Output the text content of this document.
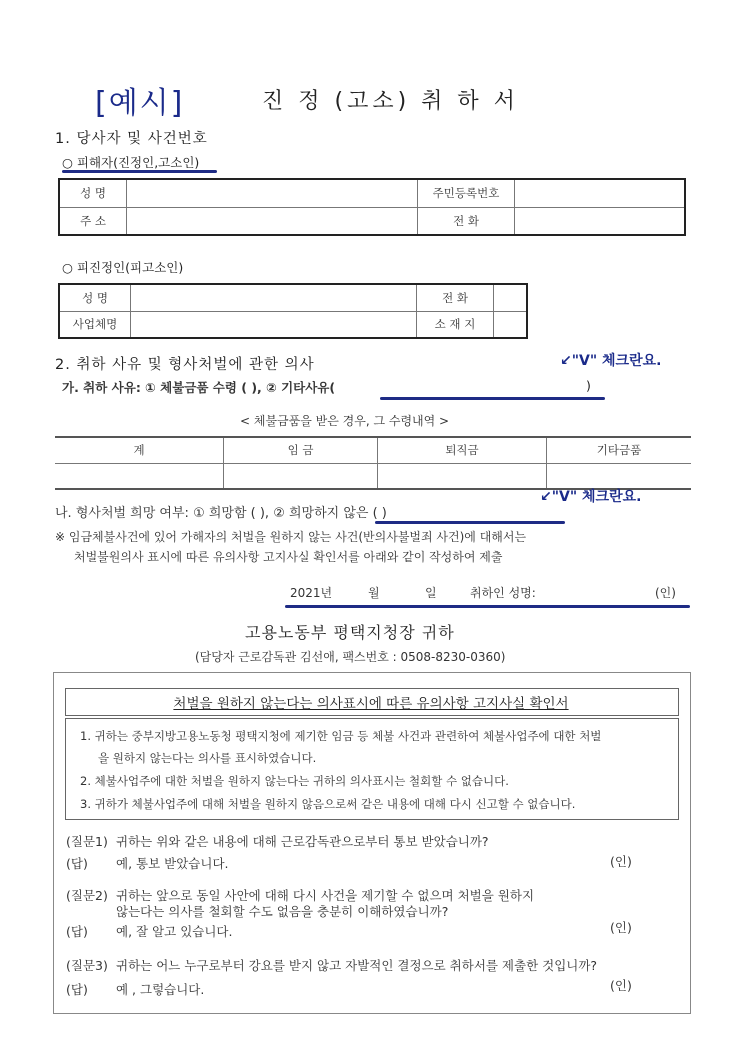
[예시]	진 정 (고소) 취 하 서
1. 당사자 및 사건번호
○ 피해자(진정인,고소인)
성 명		주민등록번호	
주 소		전 화	
○ 피진정인(피고소인)
성 명		전 화	
사업체명		소 재 지	
2. 취하 사유 및 형사처벌에 관한 의사
가. 취하 사유: ① 체불금품 수령 ( ), ② 기타사유(	)
↙"V" 체크란요.
< 체불금품을 받은 경우, 그 수령내역 >
계	임 금	퇴직금	기타금품

나. 형사처벌 희망 여부: ① 희망함 ( ), ② 희망하지 않은 ( )
↙"V" 체크란요.
※ 임금체불사건에 있어 가해자의 처벌을 원하지 않는 사건(반의사불벌죄 사건)에 대해서는
처벌불원의사 표시에 따른 유의사항 고지사실 확인서를 아래와 같이 작성하여 제출
2021년	월	일	취하인 성명:	(인)
고용노동부 평택지청장 귀하
(담당자 근로감독관 김선애, 팩스번호 : 0508-8230-0360)
처벌을 원하지 않는다는 의사표시에 따른 유의사항 고지사실 확인서
1. 귀하는 중부지방고용노동청 평택지청에 제기한 임금 등 체불 사건과 관련하여 체불사업주에 대한 처벌
을 원하지 않는다는 의사를 표시하였습니다.
2. 체불사업주에 대한 처벌을 원하지 않는다는 귀하의 의사표시는 철회할 수 없습니다.
3. 귀하가 체불사업주에 대해 처벌을 원하지 않음으로써 같은 내용에 대해 다시 신고할 수 없습니다.
(질문1) 귀하는 위와 같은 내용에 대해 근로감독관으로부터 통보 받았습니까?
(답) 예, 통보 받았습니다.	(인)
(질문2) 귀하는 앞으로 동일 사안에 대해 다시 사건을 제기할 수 없으며 처벌을 원하지
않는다는 의사를 철회할 수도 없음을 충분히 이해하였습니까?
(답) 예, 잘 알고 있습니다.	(인)
(질문3) 귀하는 어느 누구로부터 강요를 받지 않고 자발적인 결정으로 취하서를 제출한 것입니까?
(답) 예 , 그렇습니다.	(인)
